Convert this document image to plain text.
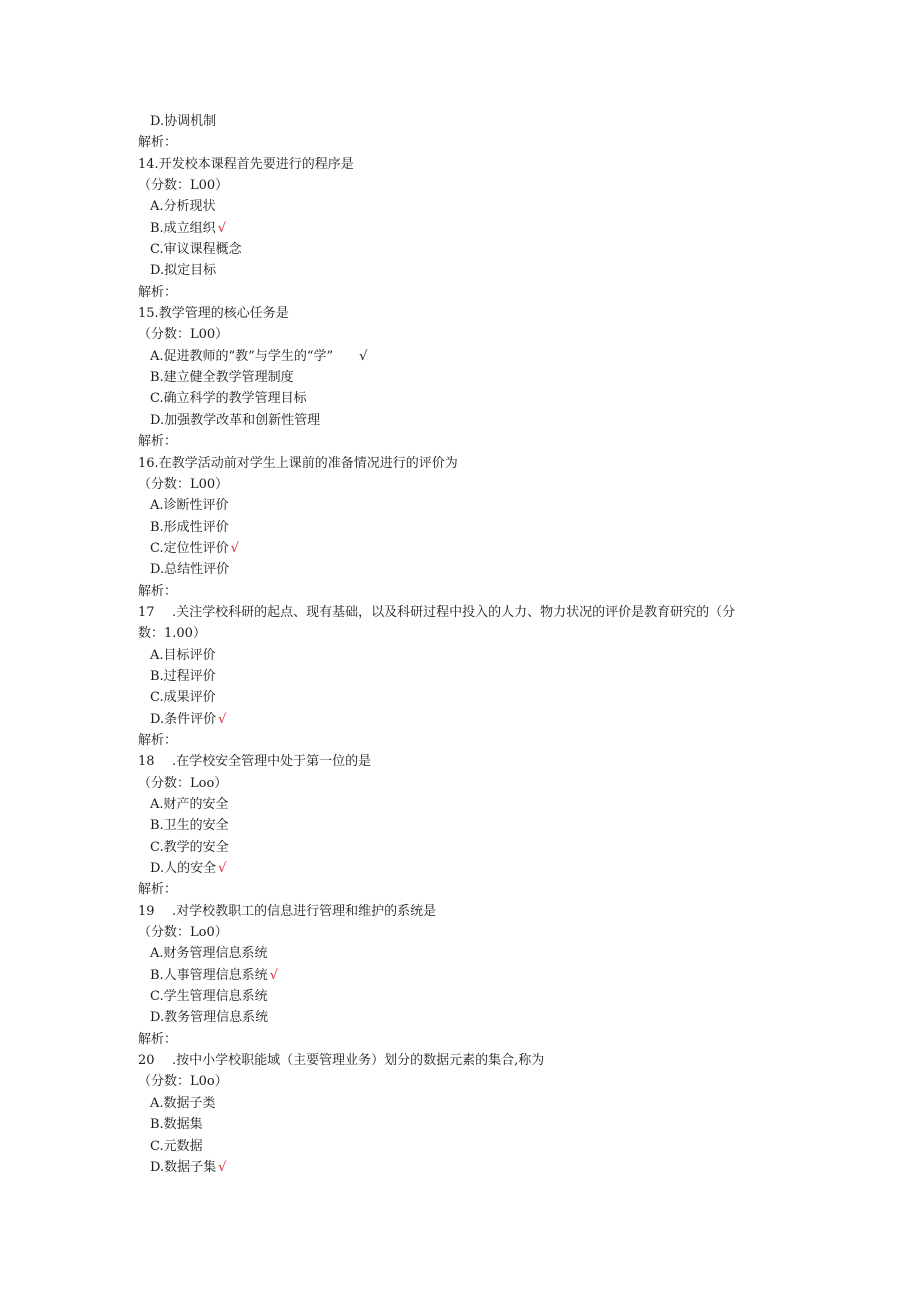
D.协调机制
解析：
14.开发校本课程首先要进行的程序是
（分数：L00）
A.分析现状
B.成立组织 √
C.审议课程概念
D.拟定目标
解析：
15.教学管理的核心任务是
（分数：L00）
A.促进教师的“教”与学生的“学” √
B.建立健全教学管理制度
C.确立科学的教学管理目标
D.加强教学改革和创新性管理
解析：
16.在教学活动前对学生上课前的准备情况进行的评价为
（分数：L00）
A.诊断性评价
B.形成性评价
C.定位性评价 √
D.总结性评价
解析：
17 .关注学校科研的起点、现有基础，以及科研过程中投入的人力、物力状况的评价是教育研究的（分
数：1.00）
A.目标评价
B.过程评价
C.成果评价
D.条件评价 √
解析：
18 .在学校安全管理中处于第一位的是
（分数：Loo）
A.财产的安全
B.卫生的安全
C.教学的安全
D.人的安全 √
解析：
19 .对学校教职工的信息进行管理和维护的系统是
（分数：Lo0）
A.财务管理信息系统
B.人事管理信息系统 √
C.学生管理信息系统
D.教务管理信息系统
解析：
20 .按中小学校职能域（主要管理业务）划分的数据元素的集合,称为
（分数：L0o）
A.数据子类
B.数据集
C.元数据
D.数据子集 √
